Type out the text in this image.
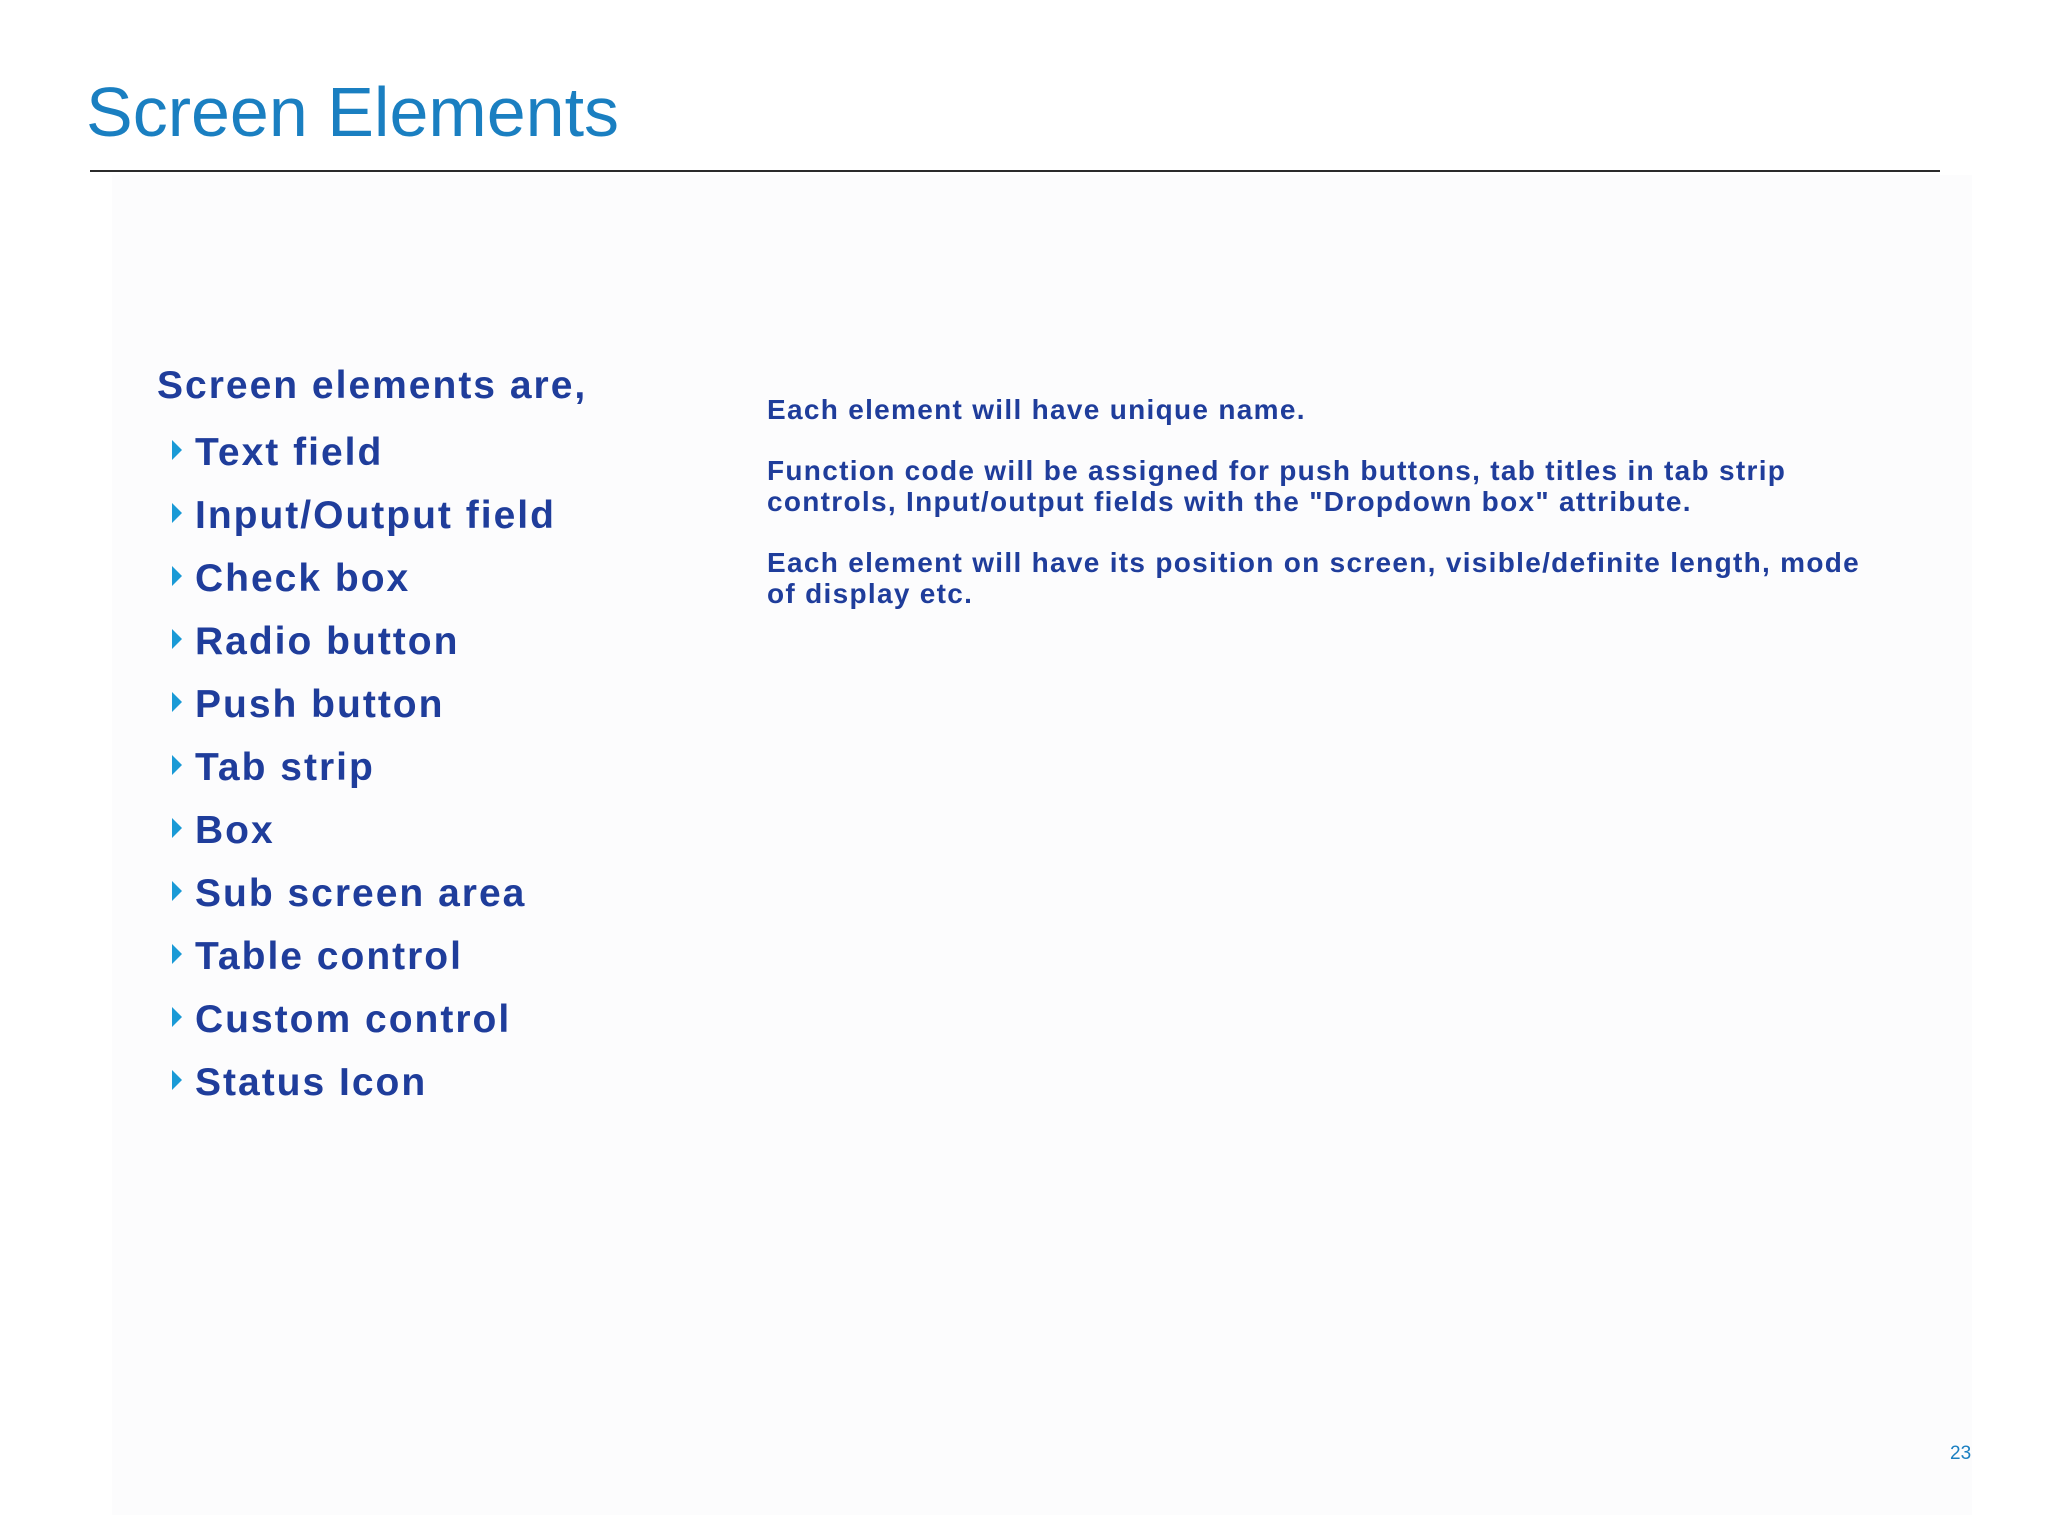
Screen Elements
Screen elements are,
Text field
Input/Output field
Check box
Radio button
Push button
Tab strip
Box
Sub screen area
Table control
Custom control
Status Icon

Each element will have unique name.

Function code will be assigned for push buttons, tab titles in tab strip controls, Input/output fields with the "Dropdown box" attribute.

Each element will have its position on screen, visible/definite length, mode of display etc.

23
